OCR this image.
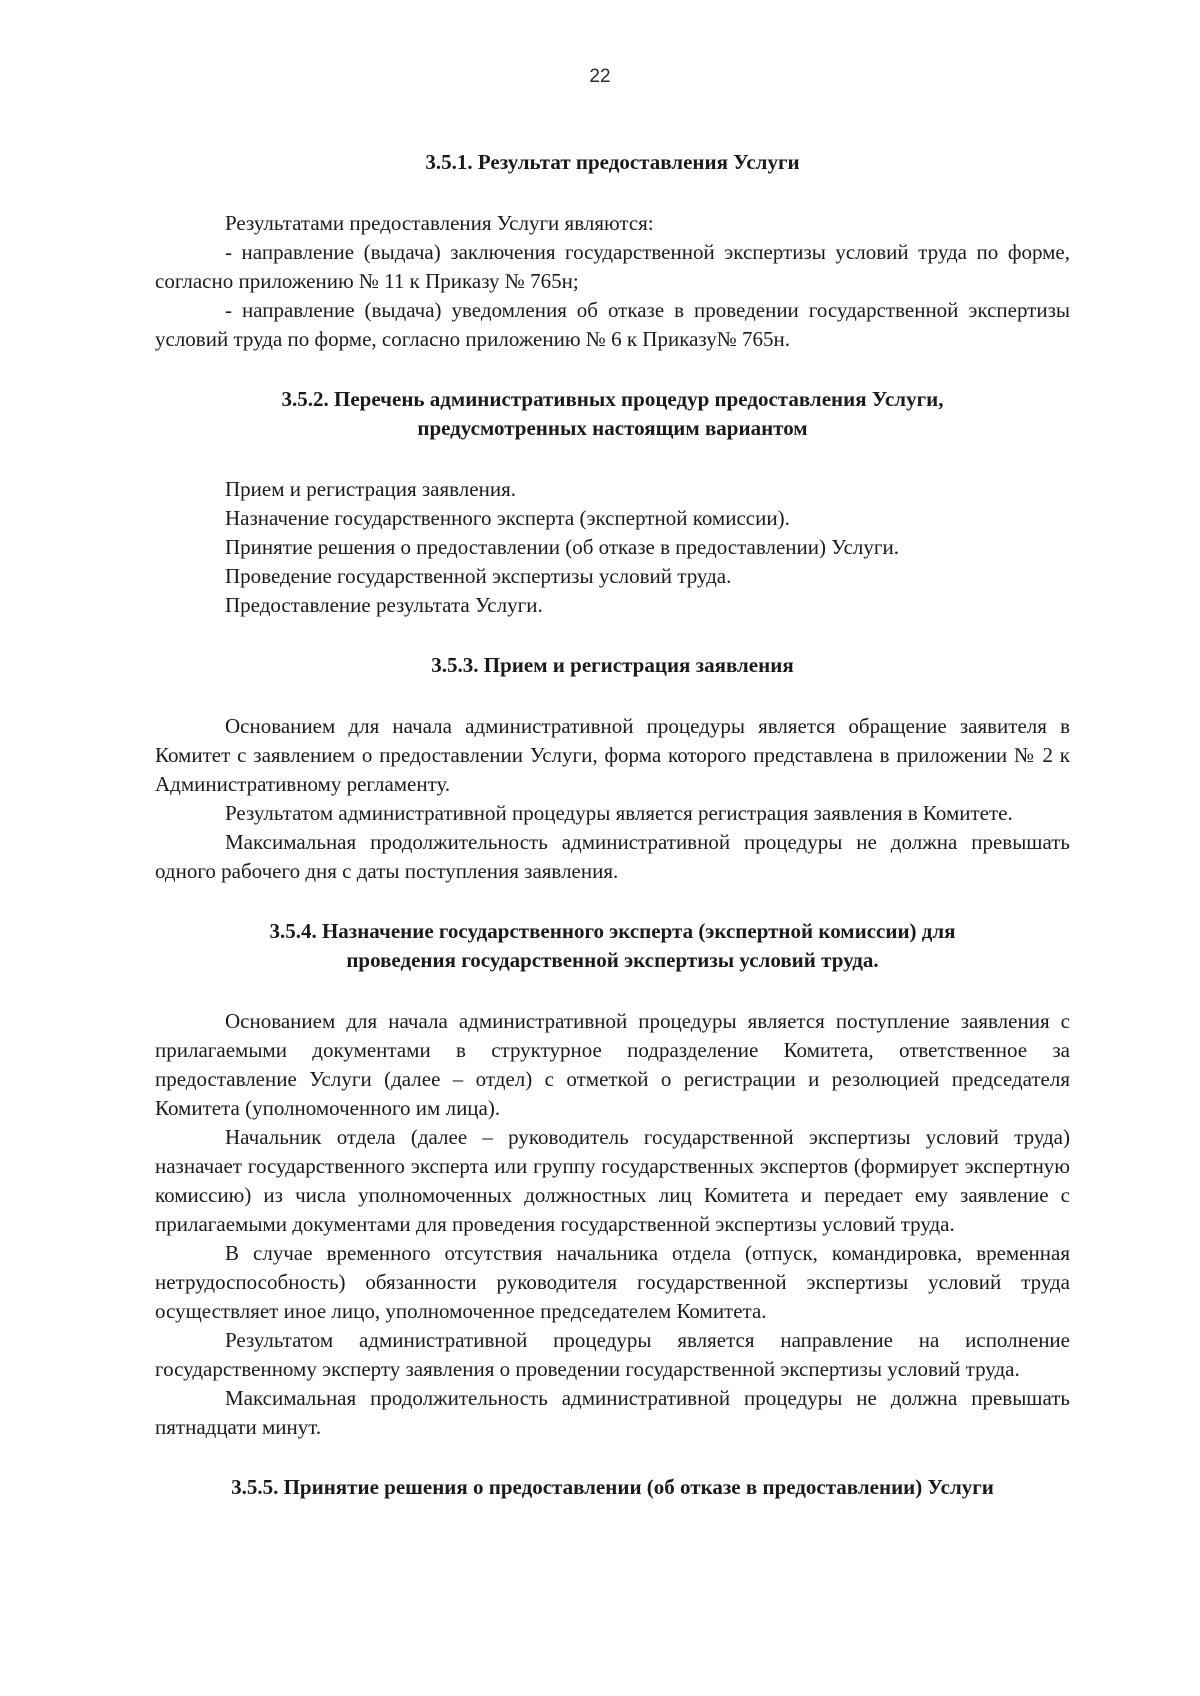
22

3.5.1. Результат предоставления Услуги

Результатами предоставления Услуги являются:

- направление (выдача) заключения государственной экспертизы условий труда по форме, согласно приложению № 11 к Приказу № 765н;

- направление (выдача) уведомления об отказе в проведении государственной экспертизы условий труда по форме, согласно приложению № 6 к Приказу№ 765н.

3.5.2. Перечень административных процедур предоставления Услуги,
предусмотренных настоящим вариантом

Прием и регистрация заявления.

Назначение государственного эксперта (экспертной комиссии).

Принятие решения о предоставлении (об отказе в предоставлении) Услуги.

Проведение государственной экспертизы условий труда.

Предоставление результата Услуги.

3.5.3. Прием и регистрация заявления

Основанием для начала административной процедуры является обращение заявителя в Комитет с заявлением о предоставлении Услуги, форма которого представлена в приложении № 2 к Административному регламенту.

Результатом административной процедуры является регистрация заявления в Комитете.

Максимальная продолжительность административной процедуры не должна превышать одного рабочего дня с даты поступления заявления.

3.5.4. Назначение государственного эксперта (экспертной комиссии) для
проведения государственной экспертизы условий труда.

Основанием для начала административной процедуры является поступление заявления с прилагаемыми документами в структурное подразделение Комитета, ответственное за предоставление Услуги (далее – отдел) с отметкой о регистрации и резолюцией председателя Комитета (уполномоченного им лица).

Начальник отдела (далее – руководитель государственной экспертизы условий труда) назначает государственного эксперта или группу государственных экспертов (формирует экспертную комиссию) из числа уполномоченных должностных лиц Комитета и передает ему заявление с прилагаемыми документами для проведения государственной экспертизы условий труда.

В случае временного отсутствия начальника отдела (отпуск, командировка, временная нетрудоспособность) обязанности руководителя государственной экспертизы условий труда осуществляет иное лицо, уполномоченное председателем Комитета.

Результатом административной процедуры является направление на исполнение государственному эксперту заявления о проведении государственной экспертизы условий труда.

Максимальная продолжительность административной процедуры не должна превышать пятнадцати минут.

3.5.5. Принятие решения о предоставлении (об отказе в предоставлении) Услуги
